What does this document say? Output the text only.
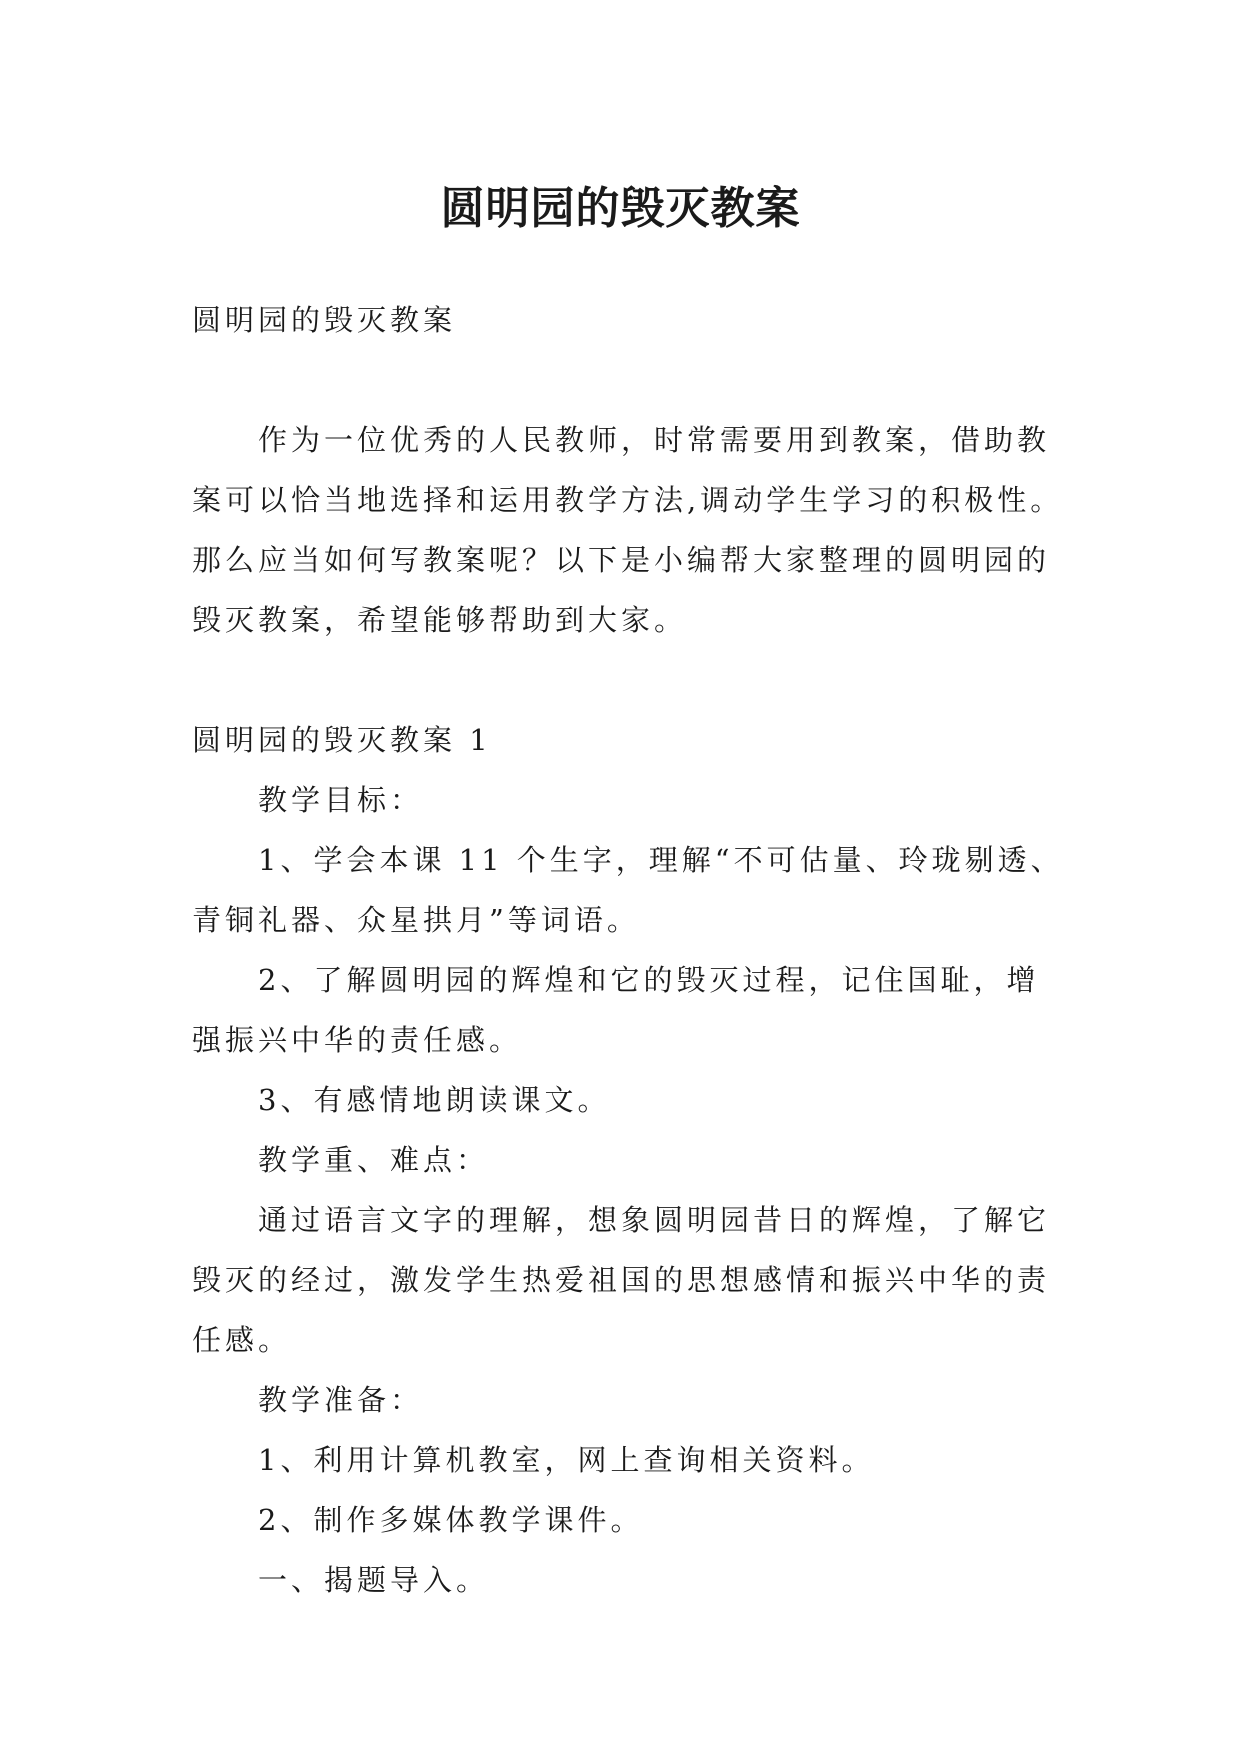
圆明园的毁灭教案

圆明园的毁灭教案

作为一位优秀的人民教师，时常需要用到教案，借助教案可以恰当地选择和运用教学方法,调动学生学习的积极性。那么应当如何写教案呢？以下是小编帮大家整理的圆明园的毁灭教案，希望能够帮助到大家。

圆明园的毁灭教案 1

教学目标：

1、学会本课 11 个生字，理解“不可估量、玲珑剔透、青铜礼器、众星拱月”等词语。

2、了解圆明园的辉煌和它的毁灭过程，记住国耻，增强振兴中华的责任感。

3、有感情地朗读课文。

教学重、难点：

通过语言文字的理解，想象圆明园昔日的辉煌，了解它毁灭的经过，激发学生热爱祖国的思想感情和振兴中华的责任感。

教学准备：

1、利用计算机教室，网上查询相关资料。

2、制作多媒体教学课件。

一、揭题导入。
